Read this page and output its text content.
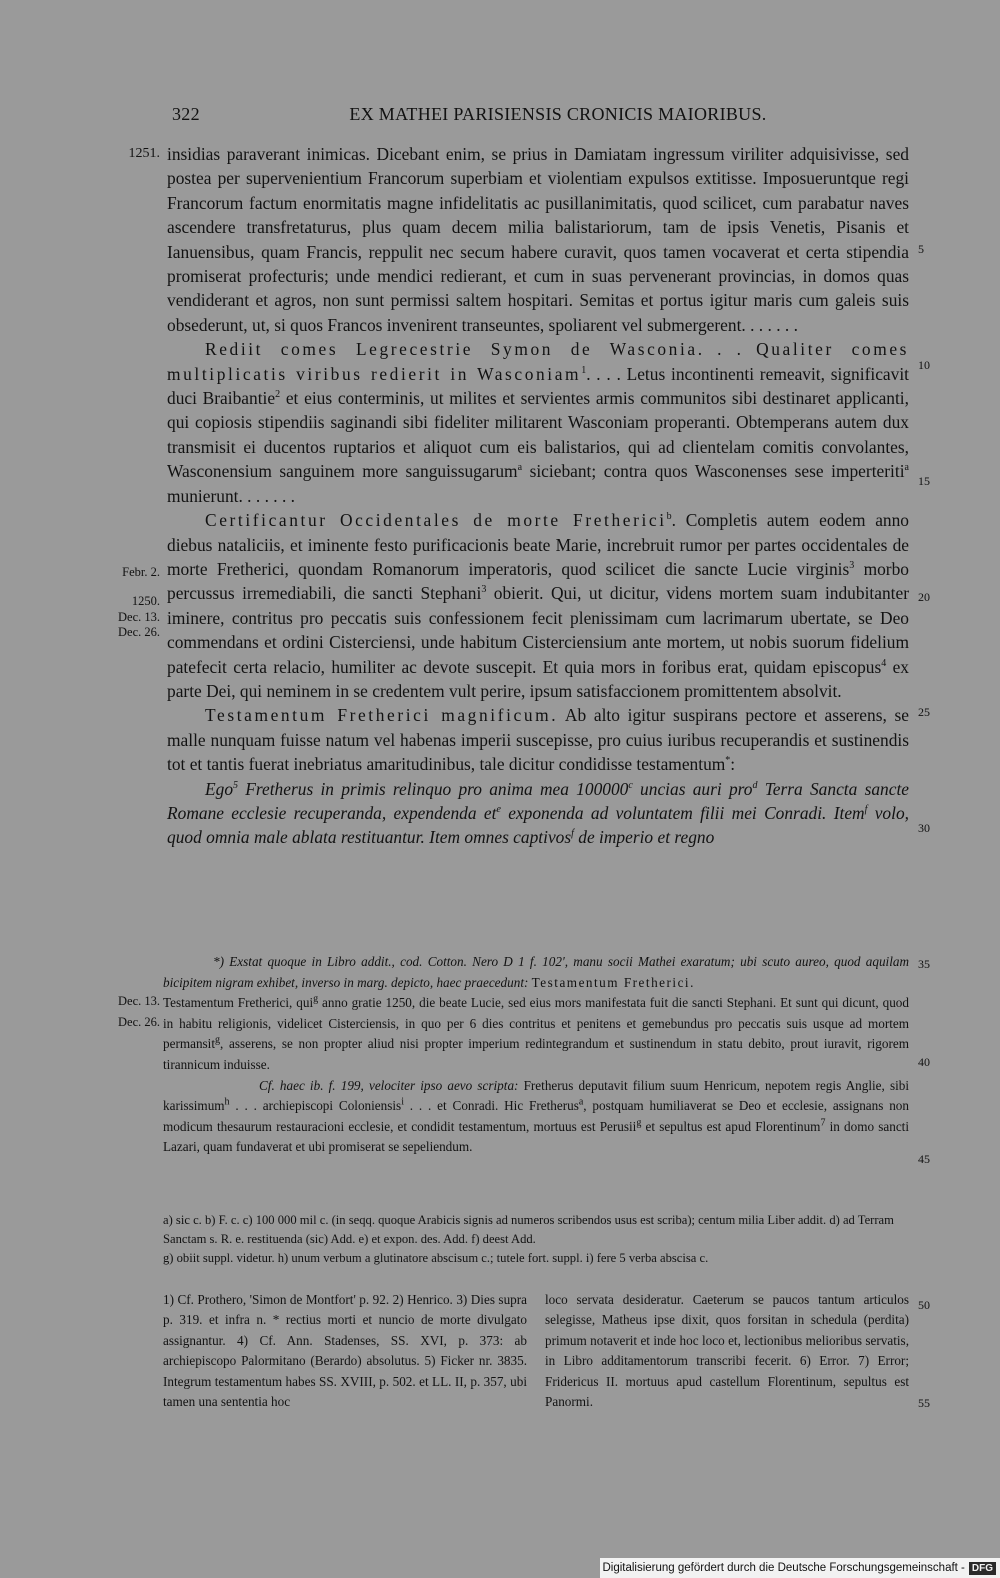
322	EX MATHEI PARISIENSIS CRONICIS MAIORIBUS.
1251.
Febr. 2.
1250.
Dec. 13.
Dec. 26.
Dec. 13.
Dec. 26.
5
10
15
20
25
30
35
40
45
50
55

insidias paraverant inimicas. Dicebant enim, se prius in Damiatam ingressum viriliter adquisivisse, sed postea per supervenientium Francorum superbiam et violentiam expulsos extitisse. Imposueruntque regi Francorum factum enormitatis magne infidelitatis ac pusillanimitatis, quod scilicet, cum parabatur naves ascendere transfretaturus, plus quam decem milia balistariorum, tam de ipsis Venetis, Pisanis et Ianuensibus, quam Francis, reppulit nec secum habere curavit, quos tamen vocaverat et certa stipendia promiserat profecturis; unde mendici redierant, et cum in suas pervenerant provincias, in domos quas vendiderant et agros, non sunt permissi saltem hospitari. Semitas et portus igitur maris cum galeis suis obsederunt, ut, si quos Francos invenirent transeuntes, spoliarent vel submergerent. . . . . . .

Rediit comes Legrecestrie Symon de Wasconia. . . Qualiter comes multiplicatis viribus redierit in Wasconiam$^1$. . . . Letus incontinenti remeavit, significavit duci Braibantie$^2$ et eius conterminis, ut milites et servientes armis communitos sibi destinaret applicanti, qui copiosis stipendiis saginandi sibi fideliter militarent Wasconiam properanti. Obtemperans autem dux transmisit ei ducentos ruptarios et aliquot cum eis balistarios, qui ad clientelam comitis convolantes, Wasconensium sanguinem more sanguissugarum$^a$ siciebant; contra quos Wasconenses sese imperteriti$^a$ munierunt. . . . . . .

Certificantur Occidentales de morte Fretherici$^b$. Completis autem eodem anno diebus nataliciis, et iminente festo purificacionis beate Marie, increbruit rumor per partes occidentales de morte Fretherici, quondam Romanorum imperatoris, quod scilicet die sancte Lucie virginis$^3$ morbo percussus irremediabili, die sancti Stephani$^3$ obierit. Qui, ut dicitur, videns mortem suam indubitanter iminere, contritus pro peccatis suis confessionem fecit plenissimam cum lacrimarum ubertate, se Deo commendans et ordini Cisterciensi, unde habitum Cisterciensium ante mortem, ut nobis suorum fidelium patefecit certa relacio, humiliter ac devote suscepit. Et quia mors in foribus erat, quidam episcopus$^4$ ex parte Dei, qui neminem in se credentem vult perire, ipsum satisfaccionem promittentem absolvit.

Testamentum Fretherici magnificum. Ab alto igitur suspirans pectore et asserens, se malle nunquam fuisse natum vel habenas imperii suscepisse, pro cuius iuribus recuperandis et sustinendis tot et tantis fuerat inebriatus amaritudinibus, tale dicitur condidisse testamentum*:

Ego$^5$ Fretherus in primis relinquo pro anima mea 100000$^c$ uncias auri pro$^d$ Terra Sancta sancte Romane ecclesie recuperanda, expendenda $et^e$ exponenda ad voluntatem filii mei Conradi. Item$^f$ volo, quod omnia male ablata restituantur. Item omnes captivos$^f$ de imperio et regno

*) Exstat quoque in Libro addit., cod. Cotton. Nero D 1 f. 102', manu socii Mathei exaratum; ubi scuto aureo, quod aquilam bicipitem nigram exhibet, inverso in marg. depicto, haec praecedunt: Testamentum Fretherici.

Testamentum Fretherici, qui$^g$ anno gratie 1250, die beate Lucie, sed eius mors manifestata fuit die sancti Stephani. Et sunt qui dicunt, quod in habitu religionis, videlicet Cisterciensis, in quo per 6 dies contritus et penitens et gemebundus pro peccatis suis usque ad mortem permansit$^g$, asserens, se non propter aliud nisi propter imperium redintegrandum et sustinendum in statu debito, prout iuravit, rigorem tirannicum induisse.

Cf. haec ib. f. 199, velociter ipso aevo scripta: Fretherus deputavit filium suum Henricum, nepotem regis Anglie, sibi karissimum$^h$ . . . archiepiscopi Coloniensis$^i$ . . . et Conradi. Hic Fretherus$^a$, postquam humiliaverat se Deo et ecclesie, assignans non modicum thesaurum restauracioni ecclesie, et condidit testamentum, mortuus est Perusii$^g$ et sepultus est apud Florentinum$^7$ in domo sancti Lazari, quam fundaverat et ubi promiserat se sepeliendum.

a) sic c. b) F. c. c) 100 000 mil c. (in seqq. quoque Arabicis signis ad numeros scribendos usus est scriba); centum milia Liber addit. d) ad Terram Sanctam s. R. e. restituenda (sic) Add. e) et expon. des. Add. f) deest Add.

g) obiit suppl. videtur. h) unum verbum a glutinatore abscisum c.; tutele fort. suppl. i) fere 5 verba abscisa c.

1) Cf. Prothero, 'Simon de Montfort' p. 92. 2) Henrico. 3) Dies supra p. 319. et infra n. * rectius morti et nuncio de morte divulgato assignantur. 4) Cf. Ann. Stadenses, SS. XVI, p. 373: ab archiepiscopo Palormitano (Berardo) absolutus. 5) Ficker nr. 3835. Integrum testamentum habes SS. XVIII, p. 502. et LL. II, p. 357, ubi tamen una sententia hoc

loco servata desideratur. Caeterum se paucos tantum articulos selegisse, Matheus ipse dixit, quos forsitan in schedula (perdita) primum notaverit et inde hoc loco et, lectionibus melioribus servatis, in Libro additamentorum transcribi fecerit. 6) Error. 7) Error; Fridericus II. mortuus apud castellum Florentinum, sepultus est Panormi.

Digitalisierung gefördert durch die Deutsche Forschungsgemeinschaft - DFG
